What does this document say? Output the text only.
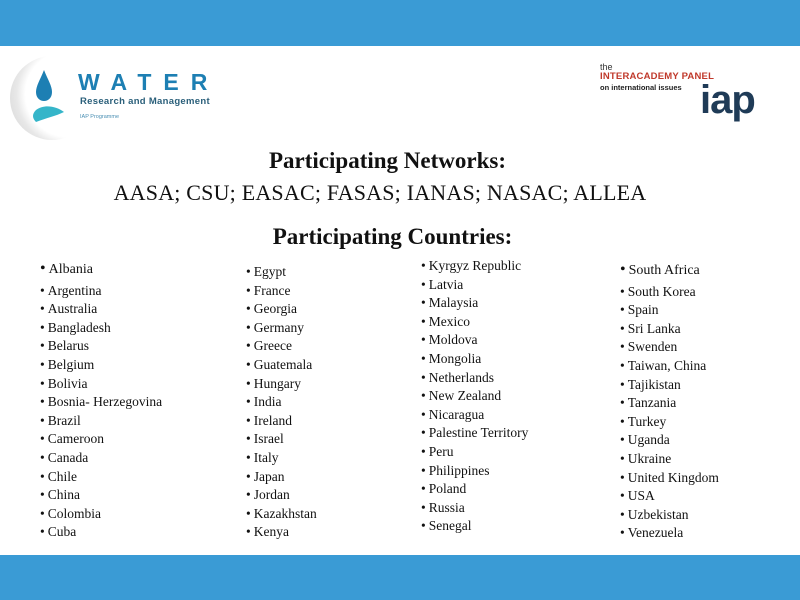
WATER
Research and Management
IAP Programme
the
INTERACADEMY PANEL
on international issues iap
Participating Networks:
AASA; CSU; EASAC; FASAS; IANAS; NASAC; ALLEA
Participating Countries:
• Albania
• Argentina
• Australia
• Bangladesh
• Belarus
• Belgium
• Bolivia
• Bosnia- Herzegovina
• Brazil
• Cameroon
• Canada
• Chile
• China
• Colombia
• Cuba
• Egypt
• France
• Georgia
• Germany
• Greece
• Guatemala
• Hungary
• India
• Ireland
• Israel
• Italy
• Japan
• Jordan
• Kazakhstan
• Kenya
• Kyrgyz Republic
• Latvia
• Malaysia
• Mexico
• Moldova
• Mongolia
• Netherlands
• New Zealand
• Nicaragua
• Palestine Territory
• Peru
• Philippines
• Poland
• Russia
• Senegal
• South Africa
• South Korea
• Spain
• Sri Lanka
• Swenden
• Taiwan, China
• Tajikistan
• Tanzania
• Turkey
• Uganda
• Ukraine
• United Kingdom
• USA
• Uzbekistan
• Venezuela
